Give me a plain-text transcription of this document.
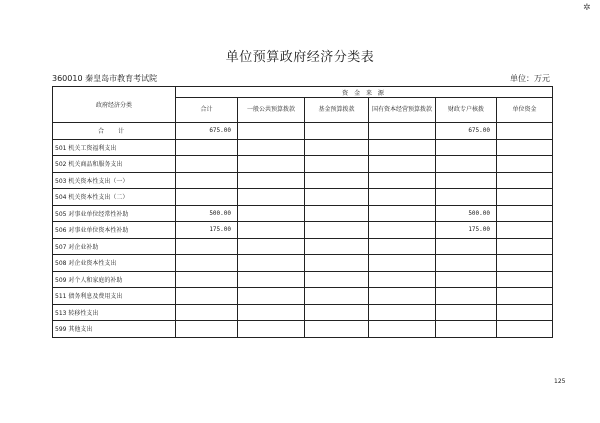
✲
单位预算政府经济分类表
360010 秦皇岛市教育考试院	单位：万元
政府经济分类	资 金 来 源					
	合计	一般公共预算拨款	基金预算拨款	国有资本经营预算拨款	财政专户核拨	单位资金
合 计	675.00				675.00	
501 机关工资福利支出						
502 机关商品和服务支出						
503 机关资本性支出（一）						
504 机关资本性支出（二）						
505 对事业单位经常性补助	500.00				500.00	
506 对事业单位资本性补助	175.00				175.00	
507 对企业补助						
508 对企业资本性支出						
509 对个人和家庭的补助						
511 债务利息及费用支出						
513 转移性支出						
599 其他支出						
125
